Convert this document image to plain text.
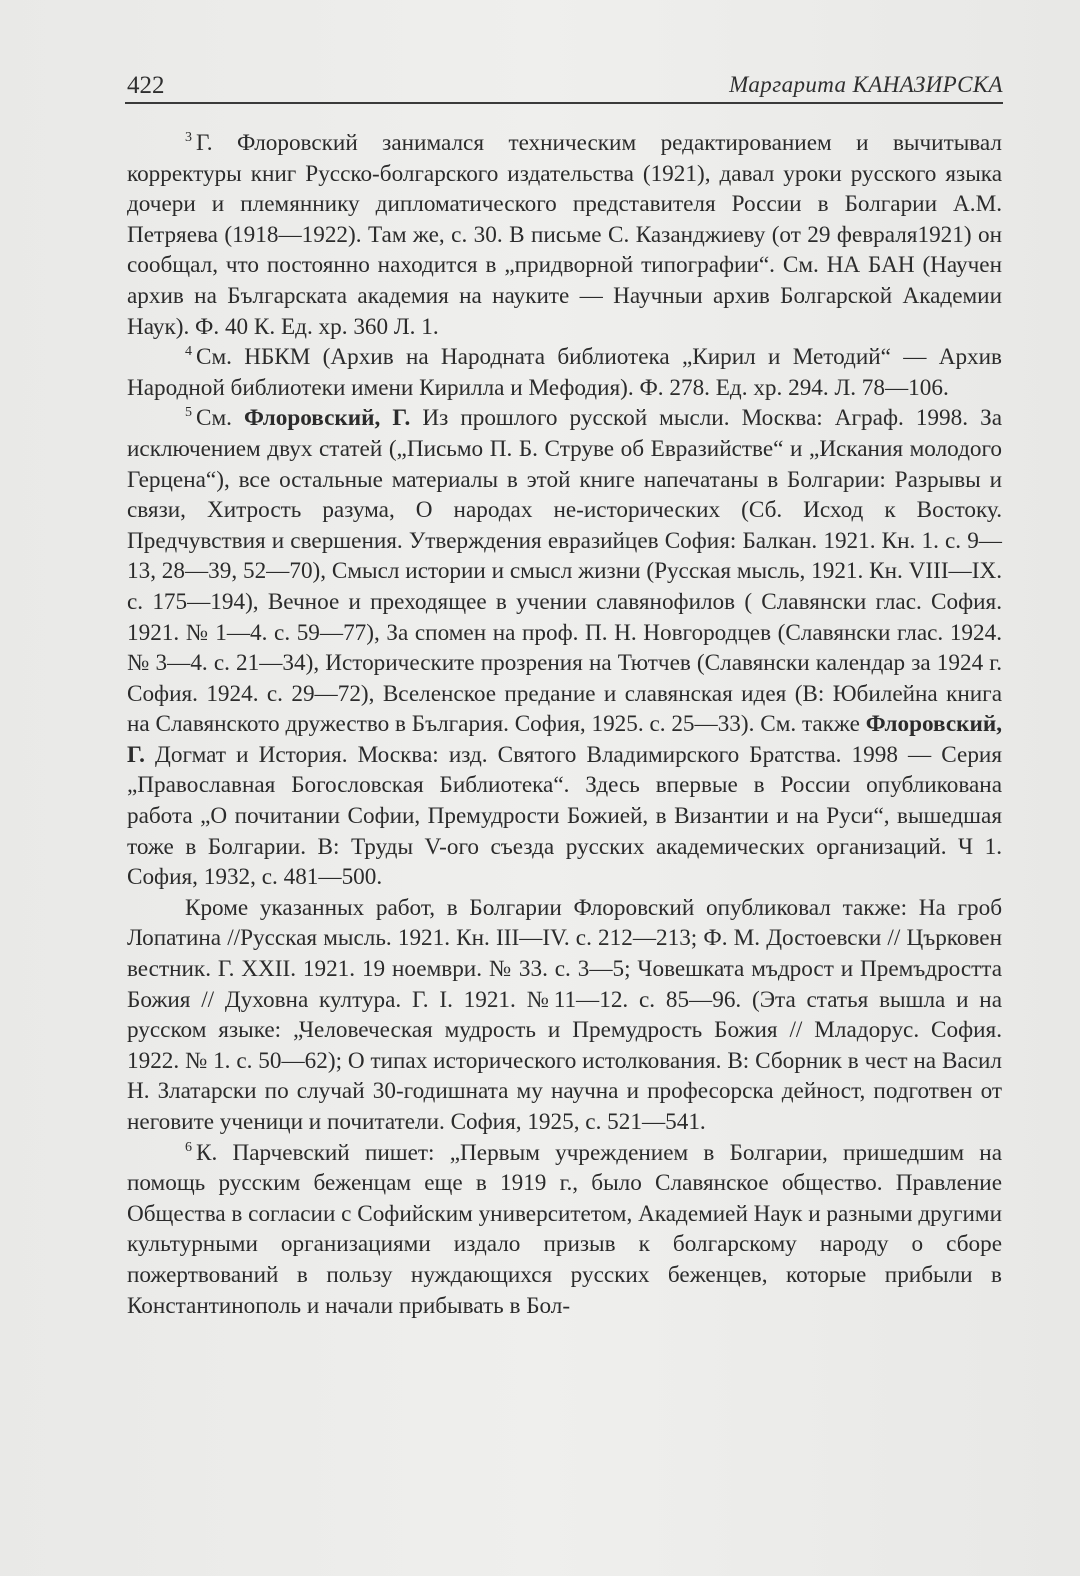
422	Маргарита КАНАЗИРСКА

$^3$ Г. Флоровский занимался техническим редактированием и вычитывал корректуры книг Русско-болгарского издательства (1921), давал уроки русского языка дочери и племяннику дипломатического представителя России в Болгарии А.М. Петряева (1918—1922). Там же, с. 30. В письме С. Казанджиеву (от 29 февраля1921) он сообщал, что постоянно находится в „придворной типографии“. См. НА БАН (Научен архив на Българската академия на науките — Научныи архив Болгарской Академии Наук). Ф. 40 К. Ед. хр. 360 Л. 1.

$^4$ См. НБКМ (Архив на Народната библиотека „Кирил и Методий“ — Архив Народной библиотеки имени Кирилла и Мефодия). Ф. 278. Ед. хр. 294. Л. 78—106.

$^5$ См. Флоровский, Г. Из прошлого русской мысли. Москва: Аграф. 1998. За исключением двух статей („Письмо П. Б. Струве об Евразийстве“ и „Искания молодого Герцена“), все остальные материалы в этой книге напечатаны в Болгарии: Разрывы и связи, Хитрость разума, О народах не-исторических (Сб. Исход к Востоку. Предчувствия и свершения. Утверждения евразийцев София: Балкан. 1921. Кн. 1. с. 9—13, 28—39, 52—70), Смысл истории и смысл жизни (Русская мысль, 1921. Кн. VIII—IX. с. 175—194), Вечное и преходящее в учении славянофилов ( Славянски глас. София. 1921. № 1—4. с. 59—77), За спомен на проф. П. Н. Новгородцев (Славянски глас. 1924. № 3—4. с. 21—34), Историческите прозрения на Тютчев (Славянски календар за 1924 г. София. 1924. с. 29—72), Вселенское предание и славянская идея (В: Юбилейна книга на Славянското дружество в България. София, 1925. с. 25—33). См. также Флоровский, Г. Догмат и История. Москва: изд. Святого Владимирского Братства. 1998 — Серия „Православная Богословская Библиотека“. Здесь впервые в России опубликована работа „О почитании Софии, Премудрости Божией, в Византии и на Руси“, вышедшая тоже в Болгарии. В: Труды V-ого съезда русских академических организаций. Ч 1. София, 1932, с. 481—500.

Кроме указанных работ, в Болгарии Флоровский опубликовал также: На гроб Лопатина //Русская мысль. 1921. Кн. III—IV. с. 212—213; Ф. М. Достоевски // Църковен вестник. Г. XXII. 1921. 19 ноември. № 33. с. 3—5; Човешката мъдрост и Премъдростта Божия // Духовна култура. Г. I. 1921. №11—12. с. 85—96. (Эта статья вышла и на русском языке: „Человеческая мудрость и Премудрость Божия // Младорус. София. 1922. № 1. с. 50—62); О типах исторического истолкования. В: Сборник в чест на Васил Н. Златарски по случай 30-годишната му научна и професорска дейност, подготвен от неговите ученици и почитатели. София, 1925, с. 521—541.

$^6$ К. Парчевский пишет: „Первым учреждением в Болгарии, пришедшим на помощь русским беженцам еще в 1919 г., было Славянское общество. Правление Общества в согласии с Софийским университетом, Академией Наук и разными другими культурными организациями издало призыв к болгарскому народу о сборе пожертвований в пользу нуждающихся русских беженцев, которые прибыли в Константинополь и начали прибывать в Бол-
